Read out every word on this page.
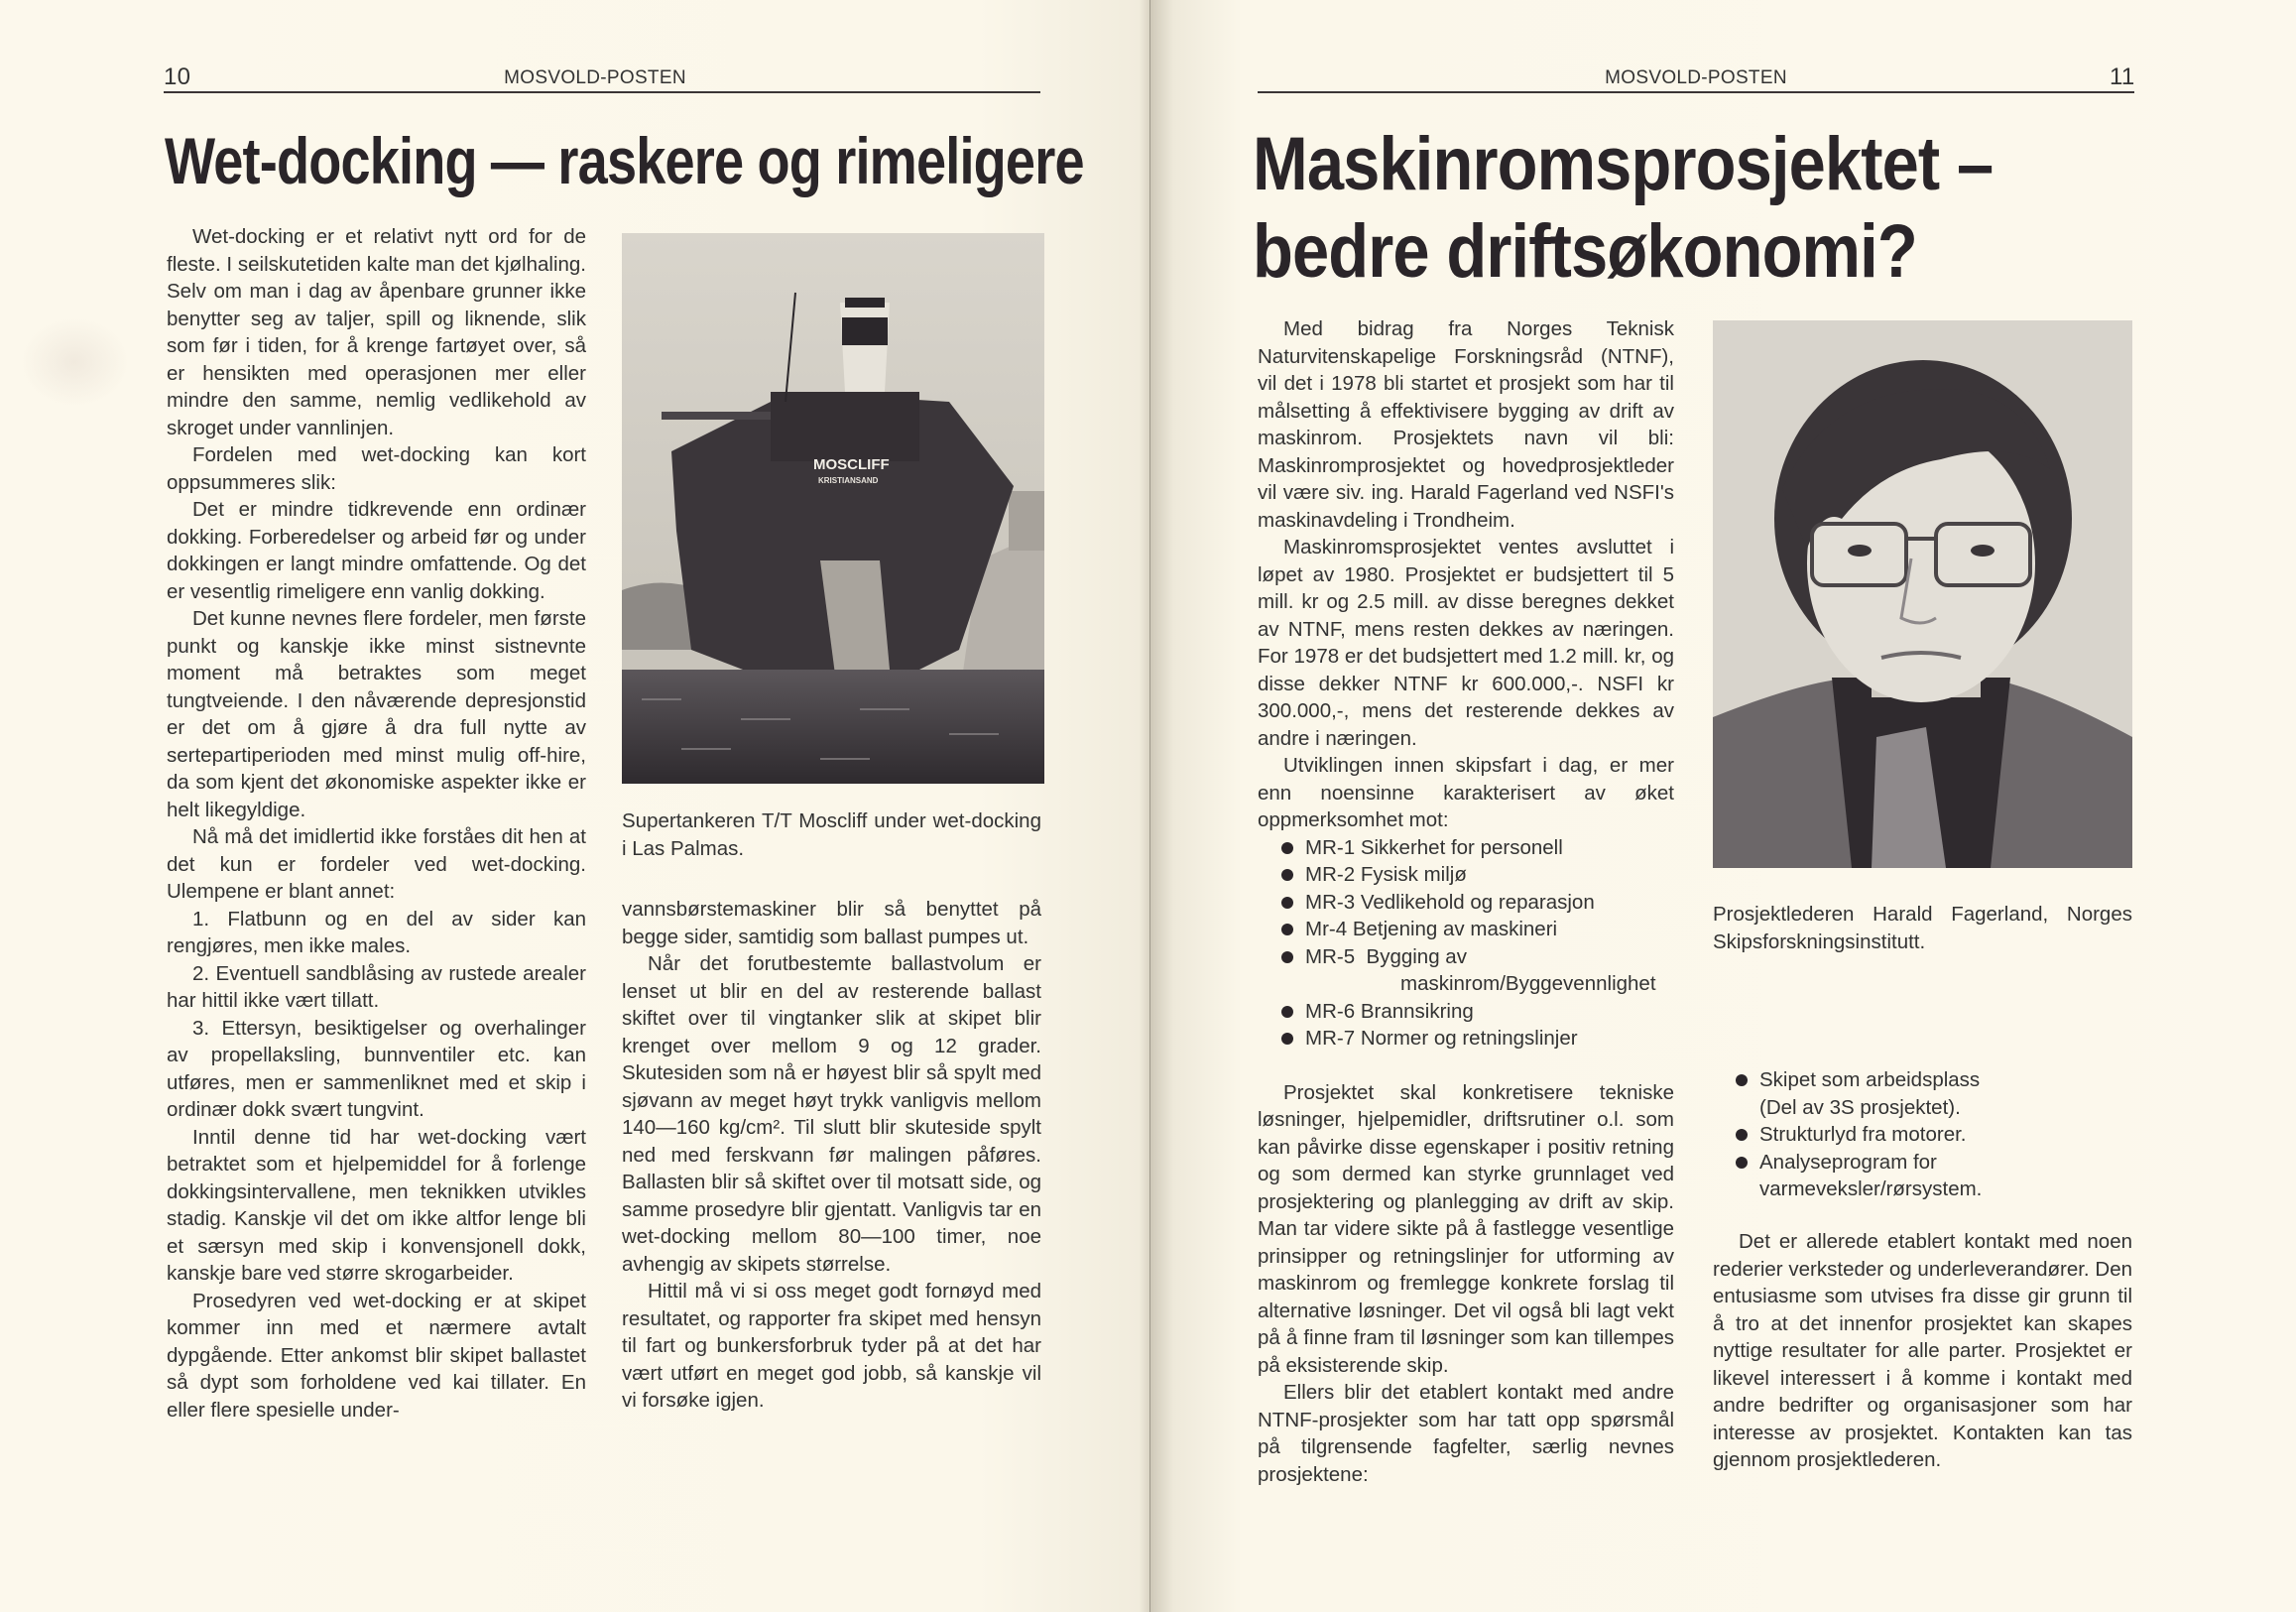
10	MOSVOLD-POSTEN
Wet-docking — raskere og rimeligere

Wet-docking er et relativt nytt ord for de fleste. I seilskutetiden kalte man det kjølhaling. Selv om man i dag av åpenbare grunner ikke benytter seg av taljer, spill og liknende, slik som før i tiden, for å krenge fartøyet over, så er hensikten med operasjonen mer eller mindre den samme, nemlig vedlikehold av skroget under vannlinjen.

Fordelen med wet-docking kan kort oppsummeres slik:

Det er mindre tidkrevende enn ordinær dokking. Forberedelser og arbeid før og under dokkingen er langt mindre omfattende. Og det er vesentlig rimeligere enn vanlig dokking.

Det kunne nevnes flere fordeler, men første punkt og kanskje ikke minst sistnevnte moment må betraktes som meget tungtveiende. I den nåværende depresjonstid er det om å gjøre å dra full nytte av sertepartiperioden med minst mulig off-hire, da som kjent det økonomiske aspekter ikke er helt likegyldige.

Nå må det imidlertid ikke forståes dit hen at det kun er fordeler ved wet-docking. Ulempene er blant annet:

1. Flatbunn og en del av sider kan rengjøres, men ikke males.

2. Eventuell sandblåsing av rustede arealer har hittil ikke vært tillatt.

3. Ettersyn, besiktigelser og overhalinger av propellaksling, bunnventiler etc. kan utføres, men er sammenliknet med et skip i ordinær dokk svært tungvint.

Inntil denne tid har wet-docking vært betraktet som et hjelpemiddel for å forlenge dokkingsintervallene, men teknikken utvikles stadig. Kanskje vil det om ikke altfor lenge bli et særsyn med skip i konvensjonell dokk, kanskje bare ved større skrogarbeider.

Prosedyren ved wet-docking er at skipet kommer inn med et nærmere avtalt dypgående. Etter ankomst blir skipet ballastet så dypt som forholdene ved kai tillater. En eller flere spesielle under-

MOSCLIFF
KRISTIANSAND
Supertankeren T/T Moscliff under wet-docking i Las Palmas.

vannsbørstemaskiner blir så benyttet på begge sider, samtidig som ballast pumpes ut.

Når det forutbestemte ballastvolum er lenset ut blir en del av resterende ballast skiftet over til vingtanker slik at skipet blir krenget over mellom 9 og 12 grader. Skutesiden som nå er høyest blir så spylt med sjøvann av meget høyt trykk vanligvis mellom 140—160 kg/cm². Til slutt blir skuteside spylt ned med ferskvann før malingen påføres. Ballasten blir så skiftet over til motsatt side, og samme prosedyre blir gjentatt. Vanligvis tar en wet-docking mellom 80—100 timer, noe avhengig av skipets størrelse.

Hittil må vi si oss meget godt fornøyd med resultatet, og rapporter fra skipet med hensyn til fart og bunkersforbruk tyder på at det har vært utført en meget god jobb, så kanskje vil vi forsøke igjen.

MOSVOLD-POSTEN	11
Maskinromsprosjektet –
bedre driftsøkonomi?

Med bidrag fra Norges Teknisk Naturvitenskapelige Forskningsråd (NTNF), vil det i 1978 bli startet et prosjekt som har til målsetting å effektivisere bygging av drift av maskinrom. Prosjektets navn vil bli: Maskinromprosjektet og hovedprosjektleder vil være siv. ing. Harald Fagerland ved NSFI's maskinavdeling i Trondheim.

Maskinromsprosjektet ventes avsluttet i løpet av 1980. Prosjektet er budsjettert til 5 mill. kr og 2.5 mill. av disse beregnes dekket av NTNF, mens resten dekkes av næringen. For 1978 er det budsjettert med 1.2 mill. kr, og disse dekker NTNF kr 600.000,-. NSFI kr 300.000,-, mens det resterende dekkes av andre i næringen.

Utviklingen innen skipsfart i dag, er mer enn noensinne karakterisert av øket oppmerksomhet mot:

MR-1 Sikkerhet for personell
MR-2 Fysisk miljø
MR-3 Vedlikehold og reparasjon
Mr-4 Betjening av maskineri
MR-5 Bygging av
maskinrom/Byggevennlighet
MR-6 Brannsikring
MR-7 Normer og retningslinjer

Prosjektet skal konkretisere tekniske løsninger, hjelpemidler, driftsrutiner o.l. som kan påvirke disse egenskaper i positiv retning og som dermed kan styrke grunnlaget ved prosjektering og planlegging av drift av skip. Man tar videre sikte på å fastlegge vesentlige prinsipper og retningslinjer for utforming av maskinrom og fremlegge konkrete forslag til alternative løsninger. Det vil også bli lagt vekt på å finne fram til løsninger som kan tillempes på eksisterende skip.

Ellers blir det etablert kontakt med andre NTNF-prosjekter som har tatt opp spørsmål på tilgrensende fagfelter, særlig nevnes prosjektene:

Prosjektlederen Harald Fagerland, Norges Skipsforskningsinstitutt.
Skipet som arbeidsplass
(Del av 3S prosjektet).
Strukturlyd fra motorer.
Analyseprogram for
varmeveksler/rørsystem.

Det er allerede etablert kontakt med noen rederier verksteder og underleverandører. Den entusiasme som utvises fra disse gir grunn til å tro at det innenfor prosjektet kan skapes nyttige resultater for alle parter. Prosjektet er likevel interessert i å komme i kontakt med andre bedrifter og organisasjoner som har interesse av prosjektet. Kontakten kan tas gjennom prosjektlederen.
